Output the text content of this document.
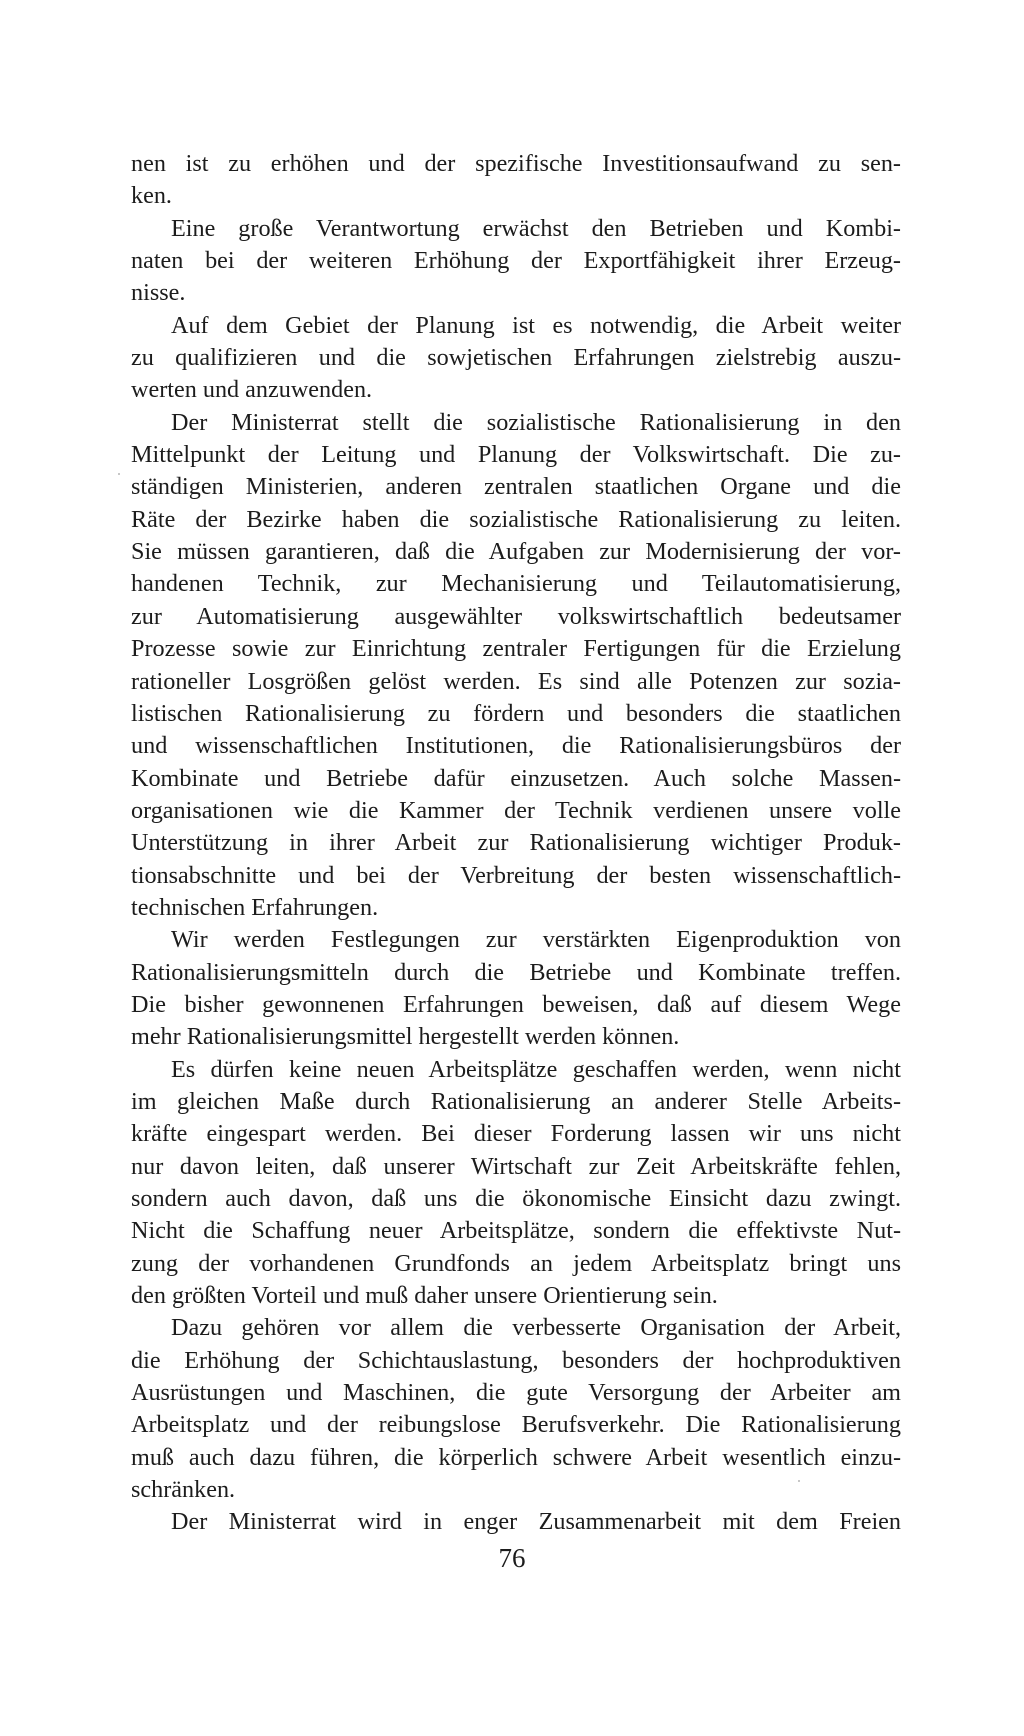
nen ist zu erhöhen und der spezifische Investitionsaufwand zu sen-
ken.
Eine große Verantwortung erwächst den Betrieben und Kombi-
naten bei der weiteren Erhöhung der Exportfähigkeit ihrer Erzeug-
nisse.
Auf dem Gebiet der Planung ist es notwendig, die Arbeit weiter
zu qualifizieren und die sowjetischen Erfahrungen zielstrebig auszu-
werten und anzuwenden.
Der Ministerrat stellt die sozialistische Rationalisierung in den
Mittelpunkt der Leitung und Planung der Volkswirtschaft. Die zu-
ständigen Ministerien, anderen zentralen staatlichen Organe und die
Räte der Bezirke haben die sozialistische Rationalisierung zu leiten.
Sie müssen garantieren, daß die Aufgaben zur Modernisierung der vor-
handenen Technik, zur Mechanisierung und Teilautomatisierung,
zur Automatisierung ausgewählter volkswirtschaftlich bedeutsamer
Prozesse sowie zur Einrichtung zentraler Fertigungen für die Erzielung
rationeller Losgrößen gelöst werden. Es sind alle Potenzen zur sozia-
listischen Rationalisierung zu fördern und besonders die staatlichen
und wissenschaftlichen Institutionen, die Rationalisierungsbüros der
Kombinate und Betriebe dafür einzusetzen. Auch solche Massen-
organisationen wie die Kammer der Technik verdienen unsere volle
Unterstützung in ihrer Arbeit zur Rationalisierung wichtiger Produk-
tionsabschnitte und bei der Verbreitung der besten wissenschaftlich-
technischen Erfahrungen.
Wir werden Festlegungen zur verstärkten Eigenproduktion von
Rationalisierungsmitteln durch die Betriebe und Kombinate treffen.
Die bisher gewonnenen Erfahrungen beweisen, daß auf diesem Wege
mehr Rationalisierungsmittel hergestellt werden können.
Es dürfen keine neuen Arbeitsplätze geschaffen werden, wenn nicht
im gleichen Maße durch Rationalisierung an anderer Stelle Arbeits-
kräfte eingespart werden. Bei dieser Forderung lassen wir uns nicht
nur davon leiten, daß unserer Wirtschaft zur Zeit Arbeitskräfte fehlen,
sondern auch davon, daß uns die ökonomische Einsicht dazu zwingt.
Nicht die Schaffung neuer Arbeitsplätze, sondern die effektivste Nut-
zung der vorhandenen Grundfonds an jedem Arbeitsplatz bringt uns
den größten Vorteil und muß daher unsere Orientierung sein.
Dazu gehören vor allem die verbesserte Organisation der Arbeit,
die Erhöhung der Schichtauslastung, besonders der hochproduktiven
Ausrüstungen und Maschinen, die gute Versorgung der Arbeiter am
Arbeitsplatz und der reibungslose Berufsverkehr. Die Rationalisierung
muß auch dazu führen, die körperlich schwere Arbeit wesentlich einzu-
schränken.
Der Ministerrat wird in enger Zusammenarbeit mit dem Freien
76
